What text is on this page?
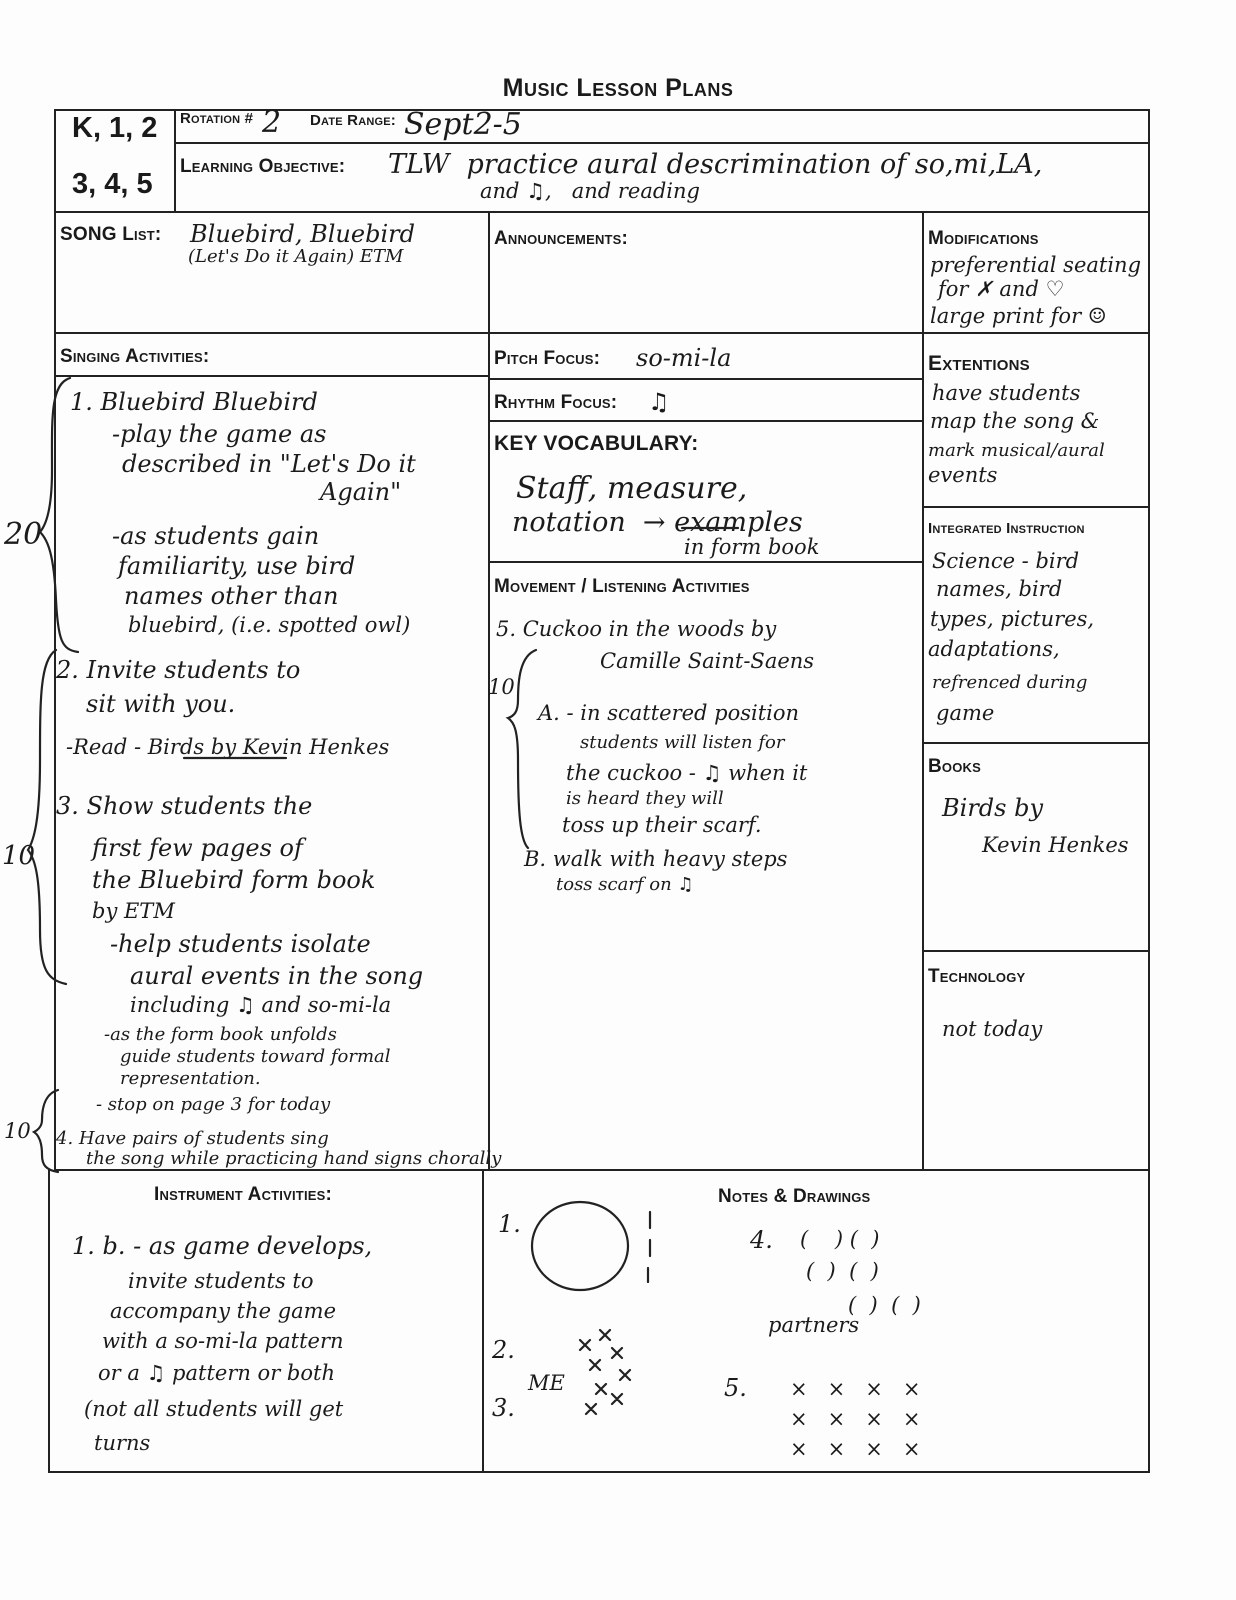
Music Lesson Plans
K, 1, 2
3, 4, 5
Rotation # 2 Date Range: Sept2-5
Learning Objective: TLW  practice aural descrimination of so,mi,LA,
and ♫,   and reading
SONG List: Bluebird, Bluebird
(Let's Do it Again) ETM
Announcements:	Modifications
preferential seating
for ✗ and ♡
large print for ☺
Singing Activities:
20
10
10
1. Bluebird Bluebird
-play the game as
described in "Let's Do it
Again"
-as students gain
familiarity, use bird
names other than
bluebird, (i.e. spotted owl)
2. Invite students to
sit with you.
-Read - Birds by Kevin Henkes
3. Show students the
first few pages of
the Bluebird form book
by ETM
-help students isolate
aural events in the song
including ♫ and so-mi-la
-as the form book unfolds
guide students toward formal
representation.
- stop on page 3 for today
4. Have pairs of students sing
the song while practicing hand signs chorally
Pitch Focus: so-mi-la
Rhythm Focus: ♫
KEY VOCABULARY:
Staff, measure,
notation  → examples
in form book
Movement / Listening Activities
10
5. Cuckoo in the woods by
Camille Saint-Saens
A. - in scattered position
students will listen for
the cuckoo - ♫ when it
is heard they will
toss up their scarf.
B. walk with heavy steps
toss scarf on ♫
Extentions
have students
map the song &
mark musical/aural
events
Integrated Instruction
Science - bird
names, bird
types, pictures,
adaptations,
refrenced during
game
Books
Birds by
Kevin Henkes
Technology
not today
Instrument Activities:
1. b. - as game develops,
invite students to
accompany the game
with a so-mi-la pattern
or a ♫ pattern or both
(not all students will get
turns
Notes & Drawings
1.
2.
3.
ME
4. (    ) (  )
(  )  (  )
(  )  (  )
partners
5. ×   ×   ×   ×
×   ×   ×   ×
×   ×   ×   ×
